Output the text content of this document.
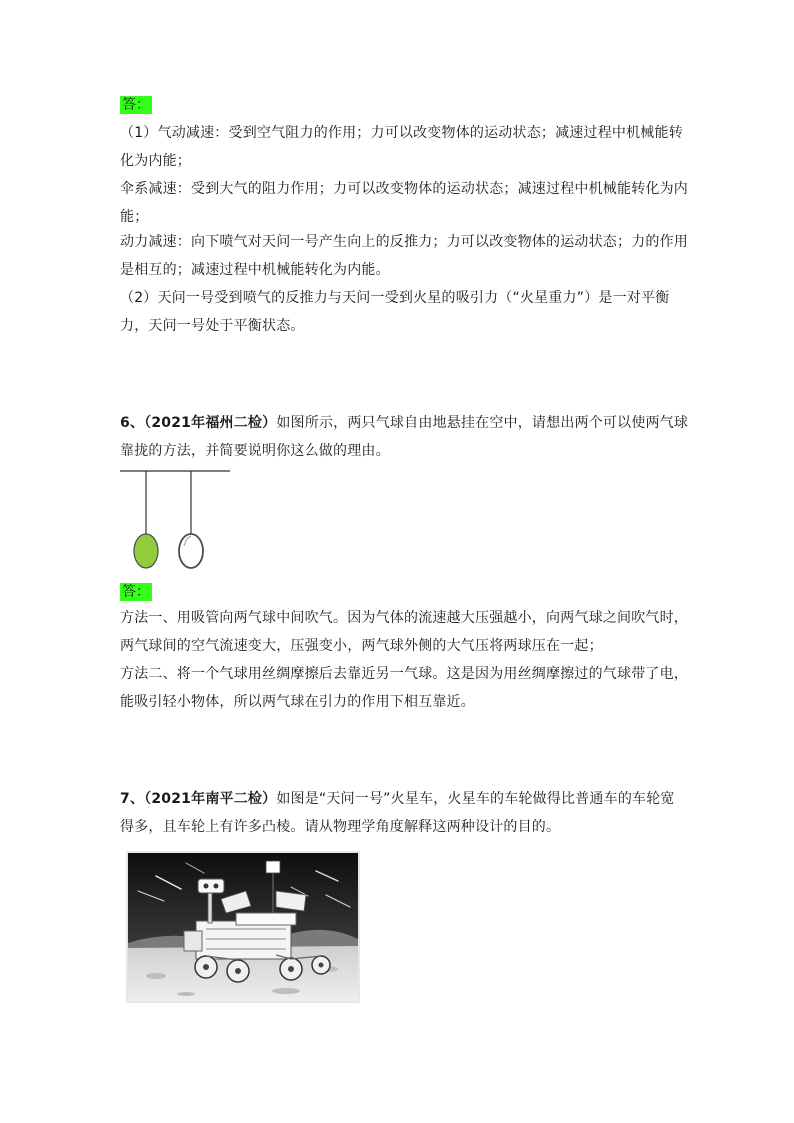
答：
（1）气动减速：受到空气阻力的作用；力可以改变物体的运动状态；减速过程中机械能转
化为内能；
伞系减速：受到大气的阻力作用；力可以改变物体的运动状态；减速过程中机械能转化为内
能；
动力减速：向下喷气对天问一号产生向上的反推力；力可以改变物体的运动状态；力的作用
是相互的；减速过程中机械能转化为内能。
（2）天问一号受到喷气的反推力与天问一受到火星的吸引力（“火星重力”）是一对平衡
力，天问一号处于平衡状态。
6、（2021年福州二检）如图所示，两只气球自由地悬挂在空中，请想出两个可以使两气球
靠拢的方法，并简要说明你这么做的理由。
答：
方法一、用吸管向两气球中间吹气。因为气体的流速越大压强越小，向两气球之间吹气时，
两气球间的空气流速变大，压强变小，两气球外侧的大气压将两球压在一起；
方法二、将一个气球用丝绸摩擦后去靠近另一气球。这是因为用丝绸摩擦过的气球带了电，
能吸引轻小物体，所以两气球在引力的作用下相互靠近。
7、（2021年南平二检）如图是“天问一号”火星车，火星车的车轮做得比普通车的车轮宽
得多，且车轮上有许多凸棱。请从物理学角度解释这两种设计的目的。
